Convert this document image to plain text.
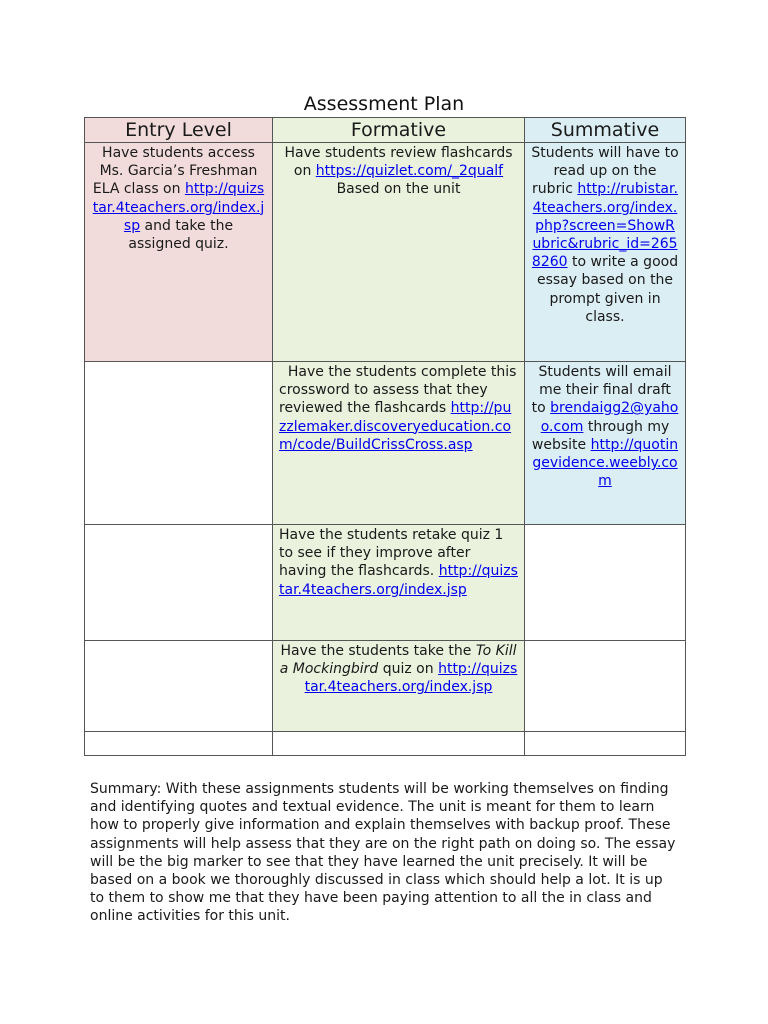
Assessment Plan
Entry Level	Formative	Summative

Have students access Ms. Garcia’s Freshman ELA class on http://quizstar.4teachers.org/index.jsp and take the assigned quiz.	Have students review flashcards on https://quizlet.com/_2qualf Based on the unit	Students will have to read up on the rubric http://rubistar.4teachers.org/index.php?screen=ShowRubric&rubric_id=2658260 to write a good essay based on the prompt given in class.

	Have the students complete this crossword to assess that they reviewed the flashcards http://puzzlemaker.discoveryeducation.com/code/BuildCrissCross.asp	Students will email me their final draft to brendaigg2@yahoo.com through my website http://quotingevidence.weebly.com

	Have the students retake quiz 1 to see if they improve after having the flashcards. http://quizstar.4teachers.org/index.jsp	

	Have the students take the To Kill a Mockingbird quiz on http://quizstar.4teachers.org/index.jsp	

Summary: With these assignments students will be working themselves on finding and identifying quotes and textual evidence. The unit is meant for them to learn how to properly give information and explain themselves with backup proof. These assignments will help assess that they are on the right path on doing so. The essay will be the big marker to see that they have learned the unit precisely. It will be based on a book we thoroughly discussed in class which should help a lot. It is up to them to show me that they have been paying attention to all the in class and online activities for this unit.
